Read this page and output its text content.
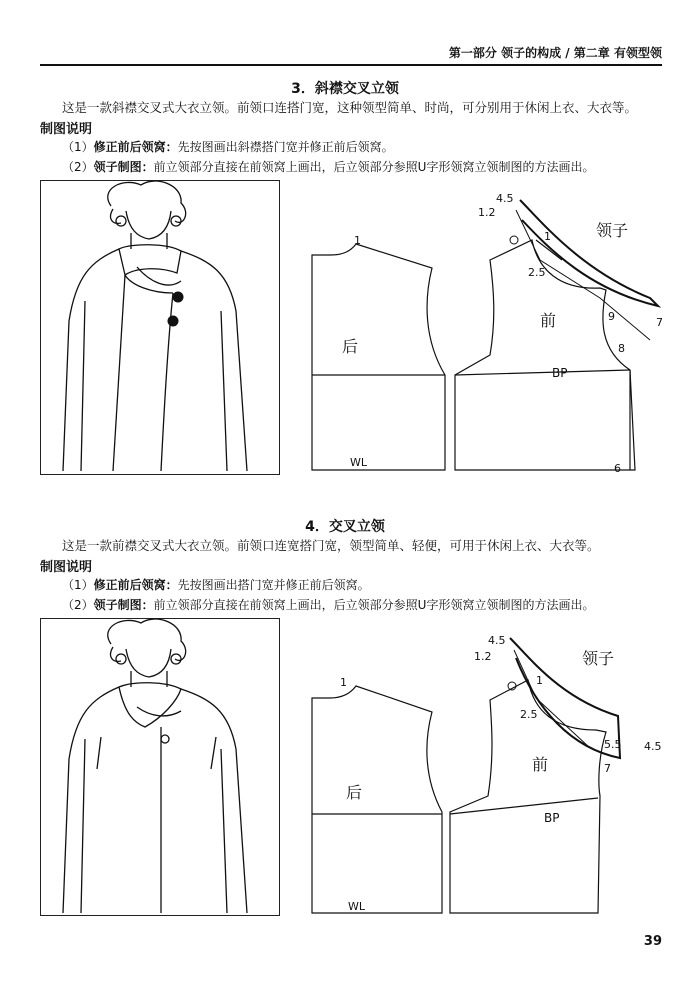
第一部分 领子的构成 / 第二章 有领型领
3．斜襟交叉立领
这是一款斜襟交叉式大衣立领。前领口连搭门宽，这种领型简单、时尚，可分别用于休闲上衣、大衣等。
制图说明
（1）修正前后领窝：先按图画出斜襟搭门宽并修正前后领窝。
（2）领子制图：前立领部分直接在前领窝上画出，后立领部分参照U字形领窝立领制图的方法画出。
后
前
领子
BP
WL
1
4.5
1.2
1
2.5
9	7
8
6
4．交叉立领
这是一款前襟交叉式大衣立领。前领口连宽搭门宽，领型简单、轻便，可用于休闲上衣、大衣等。
制图说明
（1）修正前后领窝：先按图画出搭门宽并修正前后领窝。
（2）领子制图：前立领部分直接在前领窝上画出，后立领部分参照U字形领窝立领制图的方法画出。
后
前
领子
BP
WL
1
4.5
1.2
1
2.5
5.5 4.5
7
39
